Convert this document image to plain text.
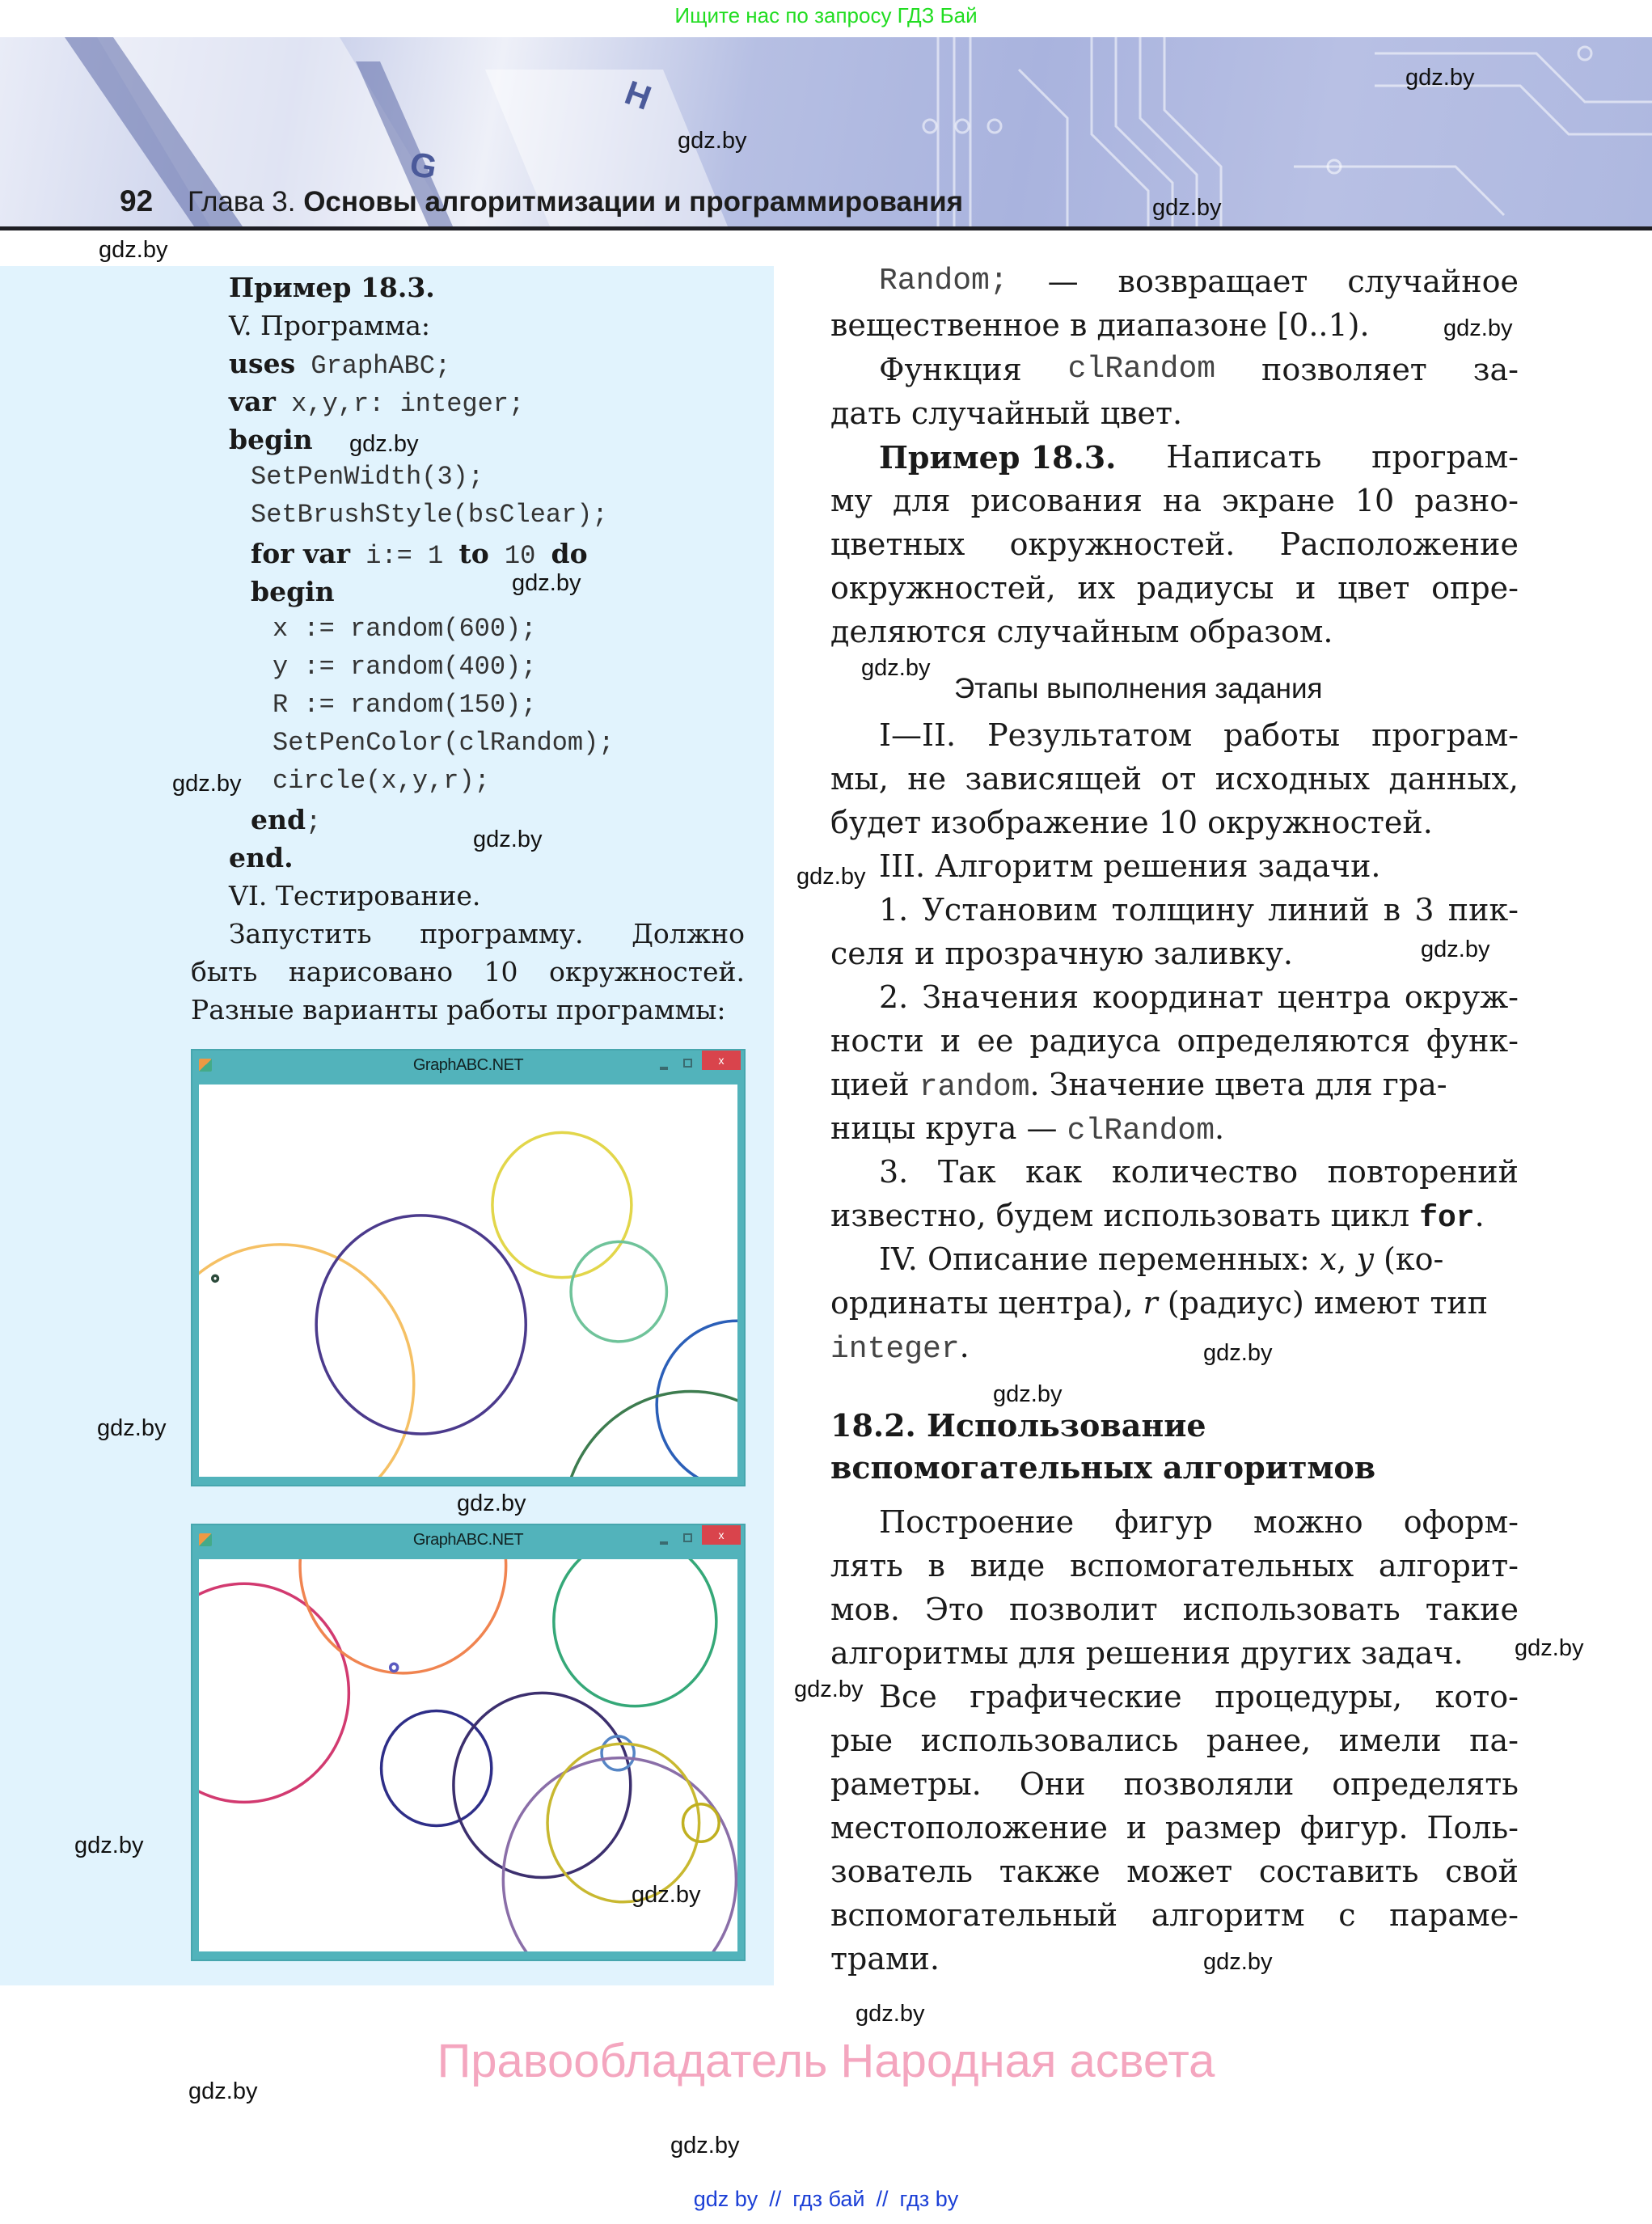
Ищите нас по запросу ГДЗ Бай
H
G
92 Глава 3. Основы алгоритмизации и программирования
gdz.by
gdz.by
gdz.by
gdz.by
Пример 18.3.
V. Программа:
uses GraphABC;
var x,y,r: integer;
begin
SetPenWidth(3);
SetBrushStyle(bsClear);
for var i:= 1 to 10 do
begin
x := random(600);
y := random(400);
R := random(150);
SetPenColor(clRandom);
circle(x,y,r);
end;
end.
gdz.by
gdz.by
gdz.by
gdz.by
VI. Тестирование.
Запустить программу. Должно
быть нарисовано 10 окружностей.
Разные варианты работы программы:
GraphABC.NET	x
gdz.by
gdz.by
GraphABC.NET	x
gdz.by
gdz.by
Random; — возвращает случайное
вещественное в диапазоне [0..1).	gdz.by
Функция clRandom позволяет за-
дать случайный цвет.
Пример 18.3. Написать програм-
му для рисования на экране 10 разно-
цветных окружностей. Расположение
окружностей, их радиусы и цвет опре-
деляются случайным образом.
gdz.by
Этапы выполнения задания
I—II. Результатом работы програм-
мы, не зависящей от исходных данных,
будет изображение 10 окружностей.
gdz.by III. Алгоритм решения задачи.
1. Установим толщину линий в 3 пик-
селя и прозрачную заливку.	gdz.by
2. Значения координат центра окруж-
ности и ее радиуса определяются функ-
цией random. Значение цвета для гра-
ницы круга — clRandom.
3. Так как количество повторений
известно, будем использовать цикл for.
IV. Описание переменных: x, y (ко-
ординаты центра), r (радиус) имеют тип
integer.	gdz.by
gdz.by
18.2. Использование
вспомогательных алгоритмов
Построение фигур можно оформ-
лять в виде вспомогательных алгорит-
мов. Это позволит использовать такие
алгоритмы для решения других задач. gdz.by
gdz.by Все графические процедуры, кото-
рые использовались ранее, имели па-
раметры. Они позволяли определять
местоположение и размер фигур. Поль-
зователь также может составить свой
вспомогательный алгоритм с параме-
трами.	gdz.by
gdz.by
Правообладатель Народная асвета
gdz.by
gdz.by
gdz by // гдз бай // гдз by
